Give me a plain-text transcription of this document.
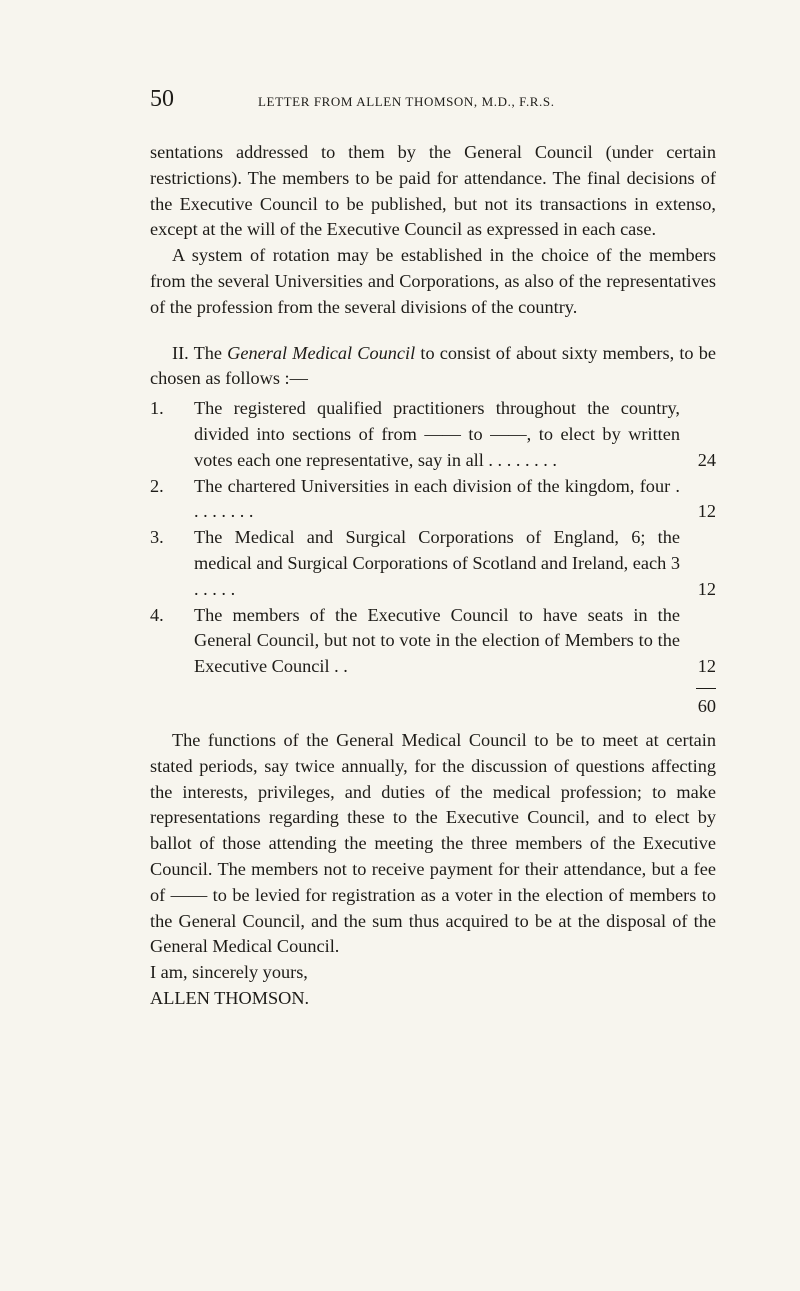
50	LETTER FROM ALLEN THOMSON, M.D., F.R.S.

sentations addressed to them by the General Council (under certain restrictions). The members to be paid for attendance. The final decisions of the Executive Council to be published, but not its transactions in extenso, except at the will of the Executive Council as expressed in each case.

A system of rotation may be established in the choice of the members from the several Universities and Corporations, as also of the representatives of the profession from the several divisions of the country.

II. The General Medical Council to consist of about sixty members, to be chosen as follows :—

1. The registered qualified practitioners throughout the country, divided into sections of from —— to ——, to elect by written votes each one representative, say in all . . . . . . . .	24
2. The chartered Universities in each division of the kingdom, four . . . . . . . .	12
3. The Medical and Surgical Corporations of England, 6; the medical and Surgical Corporations of Scotland and Ireland, each 3 . . . . .	12
4. The members of the Executive Council to have seats in the General Council, but not to vote in the election of Members to the Executive Council . .	12
60

The functions of the General Medical Council to be to meet at certain stated periods, say twice annually, for the discussion of questions affecting the interests, privileges, and duties of the medical profession; to make representations regarding these to the Executive Council, and to elect by ballot of those attending the meeting the three members of the Executive Council. The members not to receive payment for their attendance, but a fee of —— to be levied for registration as a voter in the election of members to the General Council, and the sum thus acquired to be at the disposal of the General Medical Council.

I am, sincerely yours,

ALLEN THOMSON.
